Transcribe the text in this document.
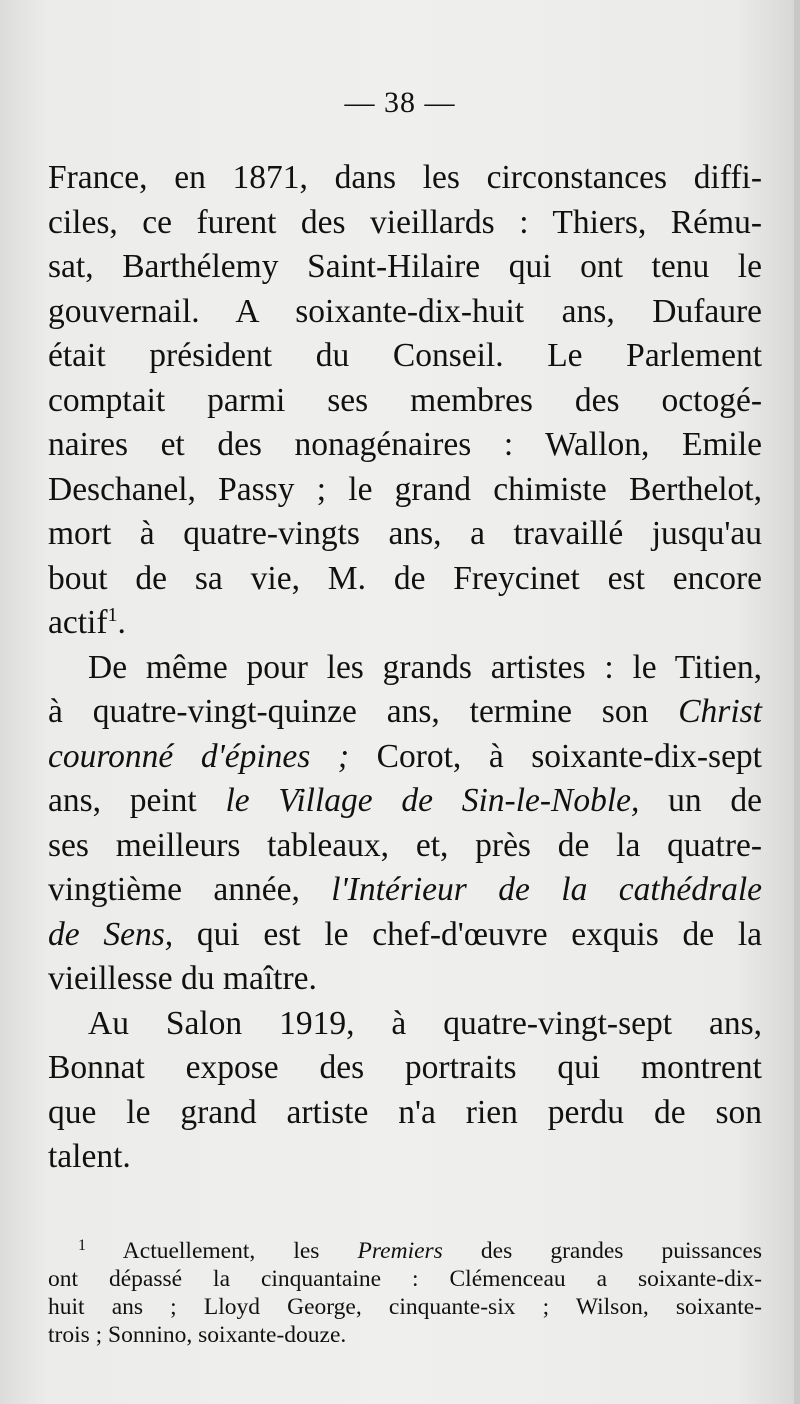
— 38 —
France, en 1871, dans les circonstances diffi-
ciles, ce furent des vieillards : Thiers, Rému-
sat, Barthélemy Saint-Hilaire qui ont tenu le
gouvernail. A soixante-dix-huit ans, Dufaure
était président du Conseil. Le Parlement
comptait parmi ses membres des octogé-
naires et des nonagénaires : Wallon, Emile
Deschanel, Passy ; le grand chimiste Berthelot,
mort à quatre-vingts ans, a travaillé jusqu'au
bout de sa vie, M. de Freycinet est encore
actif$^1$.
De même pour les grands artistes : le Titien,
à quatre-vingt-quinze ans, termine son Christ
couronné d'épines ; Corot, à soixante-dix-sept
ans, peint le Village de Sin-le-Noble, un de
ses meilleurs tableaux, et, près de la quatre-
vingtième année, l'Intérieur de la cathédrale
de Sens, qui est le chef-d'œuvre exquis de la
vieillesse du maître.
Au Salon 1919, à quatre-vingt-sept ans,
Bonnat expose des portraits qui montrent
que le grand artiste n'a rien perdu de son
talent.
$^1$ Actuellement, les Premiers des grandes puissances
ont dépassé la cinquantaine : Clémenceau a soixante-dix-
huit ans ; Lloyd George, cinquante-six ; Wilson, soixante-
trois ; Sonnino, soixante-douze.
